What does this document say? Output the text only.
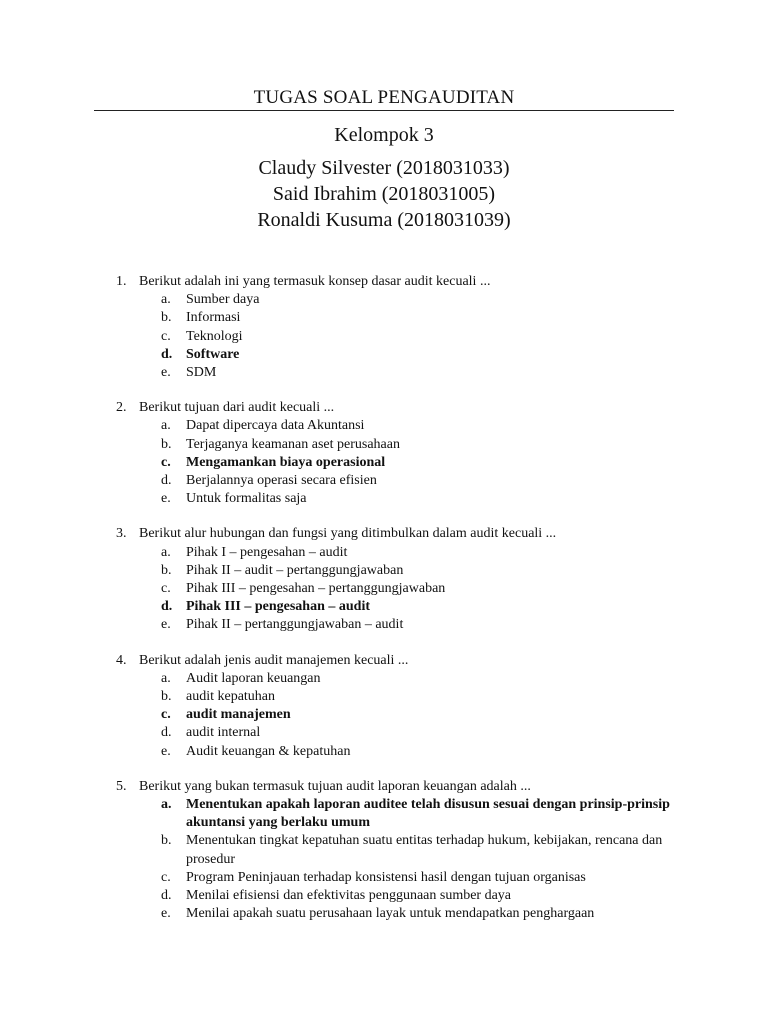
TUGAS SOAL PENGAUDITAN
Kelompok 3
Claudy Silvester (2018031033)
Said Ibrahim (2018031005)
Ronaldi Kusuma (2018031039)
1. Berikut adalah ini yang termasuk konsep dasar audit kecuali ...
a.	Sumber daya
b.	Informasi
c.	Teknologi
d. Software
e.	SDM
2. Berikut tujuan dari audit kecuali ...
a.	Dapat dipercaya data Akuntansi
b.	Terjaganya keamanan aset perusahaan
c.	Mengamankan biaya operasional
d.	Berjalannya operasi secara efisien
e.	Untuk formalitas saja
3. Berikut alur hubungan dan fungsi yang ditimbulkan dalam audit kecuali ...
a.	Pihak I – pengesahan – audit
b.	Pihak II – audit – pertanggungjawaban
c.	Pihak III – pengesahan – pertanggungjawaban
d. Pihak III – pengesahan – audit
e.	Pihak II – pertanggungjawaban – audit
4. Berikut adalah jenis audit manajemen kecuali ...
a.	Audit laporan keuangan
b.	audit kepatuhan
c.	audit manajemen
d.	audit internal
e.	Audit keuangan & kepatuhan
5. Berikut yang bukan termasuk tujuan audit laporan keuangan adalah ...
a.	Menentukan apakah laporan auditee telah disusun sesuai dengan prinsip-prinsip akuntansi yang berlaku umum
b.	Menentukan tingkat kepatuhan suatu entitas terhadap hukum, kebijakan, rencana dan prosedur
c.	Program Peninjauan terhadap konsistensi hasil dengan tujuan organisas
d.	Menilai efisiensi dan efektivitas penggunaan sumber daya
e.	Menilai apakah suatu perusahaan layak untuk mendapatkan penghargaan
